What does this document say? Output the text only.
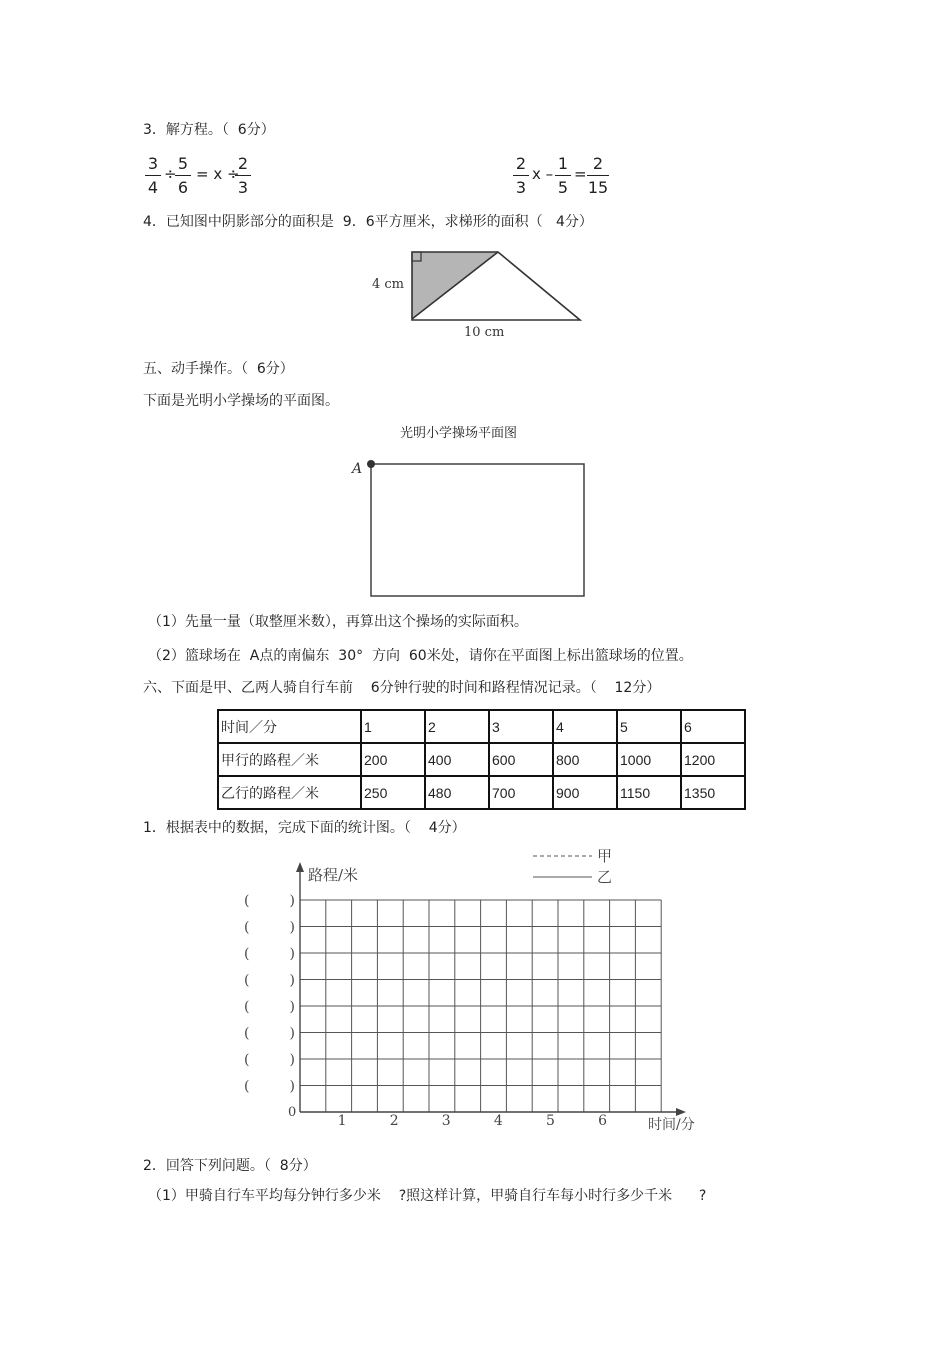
3．解方程。（  6分）
3
4
÷
5
6
= x ÷
2
3
2
3
x –
1
5
=
2
15
4．已知图中阴影部分的面积是  9．6平方厘米，求梯形的面积（   4分）
4 cm
10 cm
五、动手操作。（  6分）
下面是光明小学操场的平面图。
光明小学操场平面图
A
（1）先量一量（取整厘米数），再算出这个操场的实际面积。
（2）篮球场在  A点的南偏东  30°  方向  60米处，请你在平面图上标出篮球场的位置。
六、下面是甲、乙两人骑自行车前    6分钟行驶的时间和路程情况记录。（    12分）
时间／分	1	2	3	4	5	6
甲行的路程／米	200	400	600	800	1000	1200
乙行的路程／米	250	480	700	900	1150	1350
1．根据表中的数据，完成下面的统计图。（    4分）
路程/米
时间/分
0
甲
乙
1	2	3	4	5	6
(         )
(         )
(         )
(         )
(         )
(         )
(         )
(         )
2．回答下列问题。（  8分）
（1）甲骑自行车平均每分钟行多少米    ?照这样计算，甲骑自行车每小时行多少千米      ?
